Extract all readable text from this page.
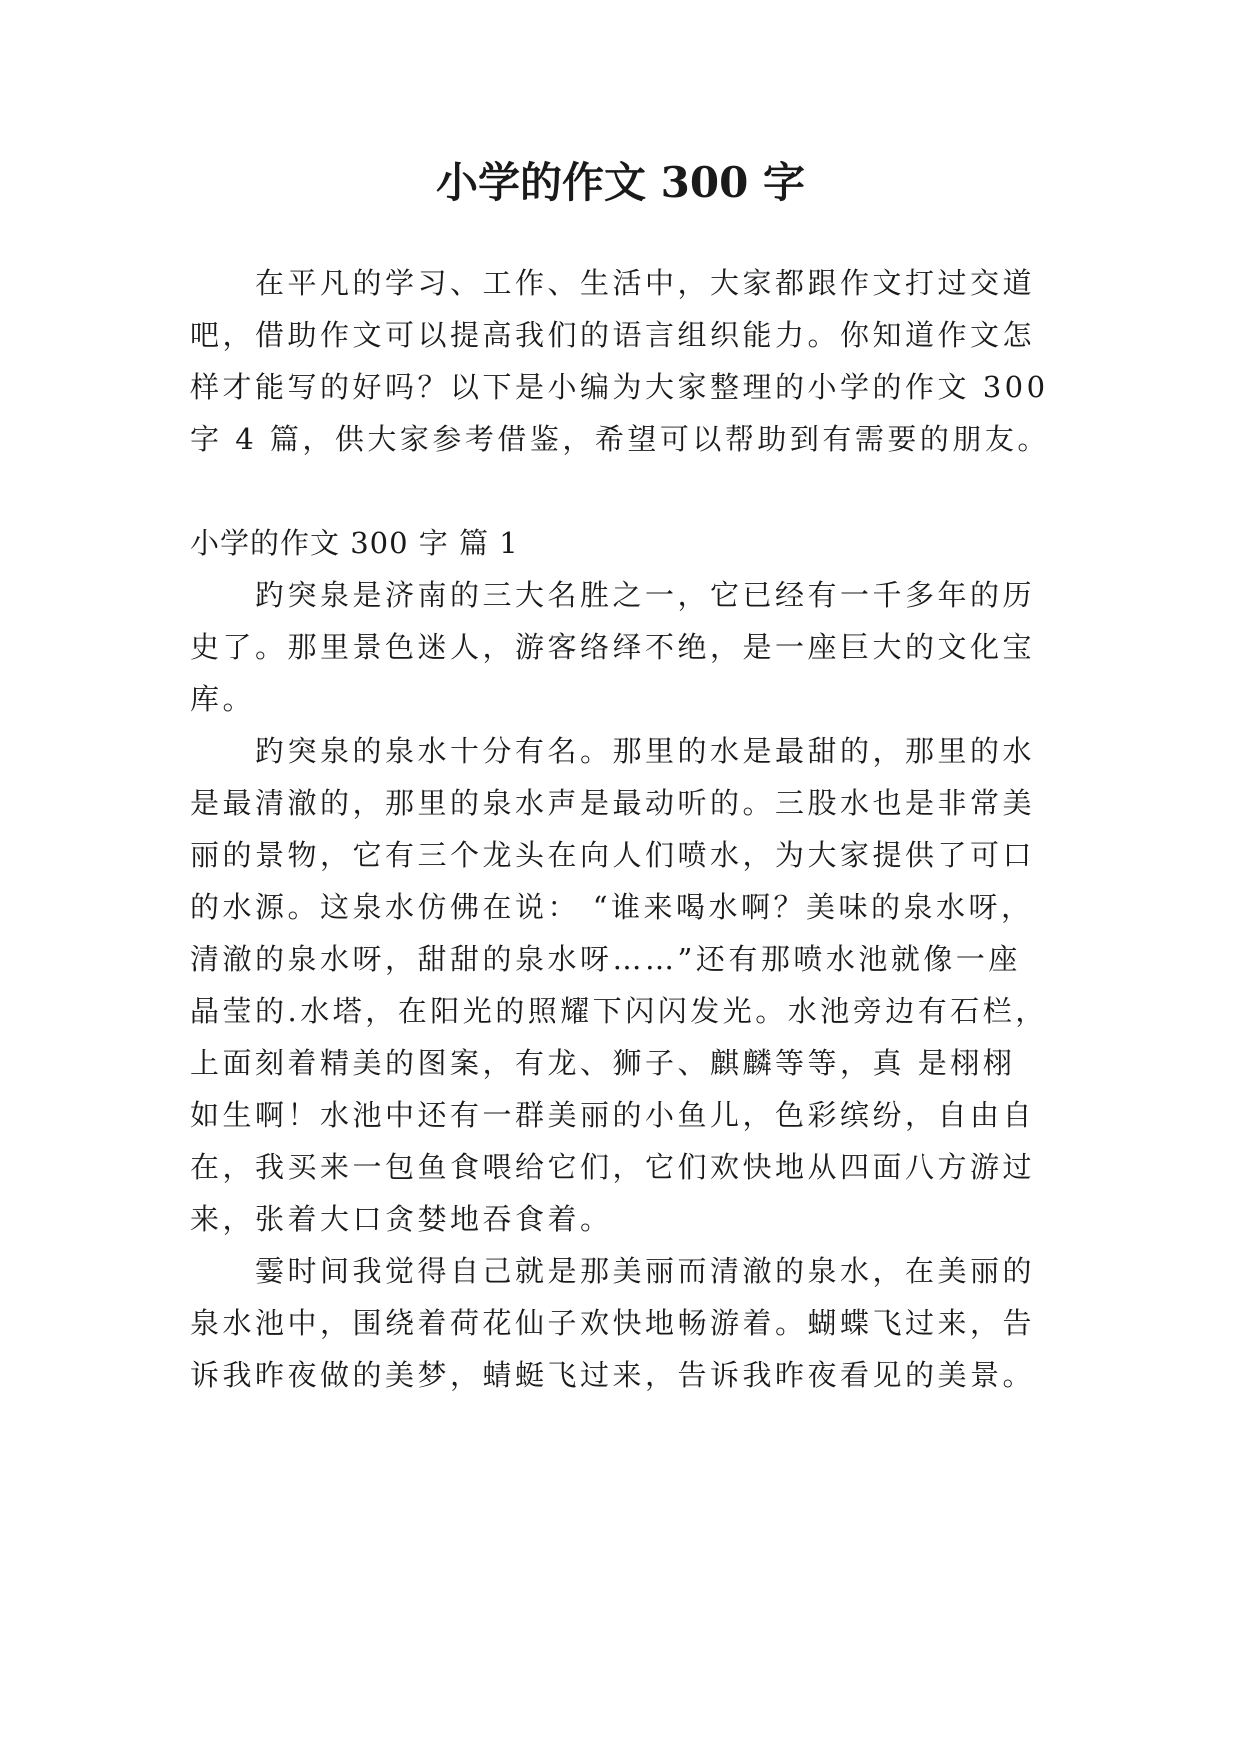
小学的作文 300 字

在平凡的学习、工作、生活中，大家都跟作文打过交道

吧，借助作文可以提高我们的语言组织能力。你知道作文怎

样才能写的好吗？以下是小编为大家整理的小学的作文 300

字 4 篇，供大家参考借鉴，希望可以帮助到有需要的朋友。

小学的作文 300 字 篇 1

趵突泉是济南的三大名胜之一，它已经有一千多年的历

史了。那里景色迷人，游客络绎不绝，是一座巨大的文化宝

库。

趵突泉的泉水十分有名。那里的水是最甜的，那里的水

是最清澈的，那里的泉水声是最动听的。三股水也是非常美

丽的景物，它有三个龙头在向人们喷水，为大家提供了可口

的水源。这泉水仿佛在说： “谁来喝水啊？美味的泉水呀，

清澈的泉水呀，甜甜的泉水呀……”还有那喷水池就像一座

晶莹的.水塔，在阳光的照耀下闪闪发光。水池旁边有石栏，

上面刻着精美的图案，有龙、狮子、麒麟等等，真 是栩栩

如生啊！水池中还有一群美丽的小鱼儿，色彩缤纷，自由自

在，我买来一包鱼食喂给它们，它们欢快地从四面八方游过

来，张着大口贪婪地吞食着。

霎时间我觉得自己就是那美丽而清澈的泉水，在美丽的

泉水池中，围绕着荷花仙子欢快地畅游着。蝴蝶飞过来，告

诉我昨夜做的美梦，蜻蜓飞过来，告诉我昨夜看见的美景。
